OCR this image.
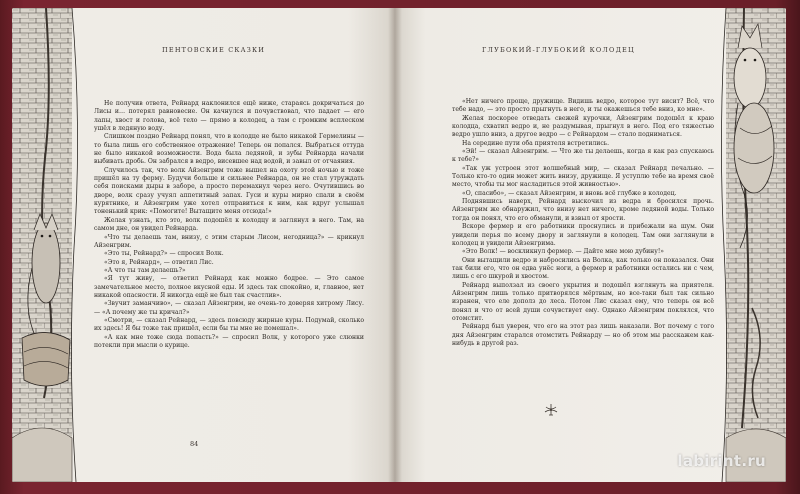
ПЕНТОВСКИЕ СКАЗКИ

Не получив ответа, Рейнард наклонился ещё ниже, стараясь докричаться до Лисы и… потерял равновесие. Он качнулся и почувствовал, что падает — его лапы, хвост и голова, всё тело — прямо в колодец, а там с громким всплеском ушёл в ледяную воду.

Слишком поздно Рейнард понял, что в колодце не было никакой Гермелины — то была лишь его собственное отражение! Теперь он попался. Выбраться оттуда не было никакой возможности. Вода была ледяной, и зубы Рейнарда начали выбивать дробь. Он забрался в ведро, висевшее над водой, и завыл от отчаяния.

Случилось так, что волк Айзенгрим тоже вышел на охоту этой ночью и тоже пришёл на ту ферму. Будучи больше и сильнее Рейнарда, он не стал утруждать себя поисками дыры в заборе, а просто перемахнул через него. Очутившись во дворе, волк сразу учуял аппетитный запах. Гуси и куры мирно спали в своём курятнике, и Айзенгрим уже хотел отправиться к ним, как вдруг услышал тоненький крик: «Помогите! Вытащите меня отсюда!»

Желая узнать, кто это, волк подошёл к колодцу и заглянул в него. Там, на самом дне, он увидел Рейнарда.

«Что ты делаешь там, внизу, с этим старым Лисом, негодница?» — крикнул Айзенгрим.

«Это ты, Рейнард?» — спросил Волк.

«Это я, Рейнард», — ответил Лис.

«А что ты там делаешь?»

«Я тут живу, — ответил Рейнард как можно бодрее. — Это самое замечательное место, полное вкусной еды. И здесь так спокойно, и, главное, нет никакой опасности. Я никогда ещё не был так счастлив».

«Звучит заманчиво», — сказал Айзенгрим, не очень-то доверяя хитрому Лису. — «А почему же ты кричал?»

«Смотри, — сказал Рейнард, — здесь повсюду жирные куры. Подумай, сколько их здесь! Я бы тоже так пришёл, если бы ты мне не помешал».

«А как мне тоже сюда попасть?» — спросил Волк, у которого уже слюнки потекли при мысли о курице.

84
ГЛУБОКИЙ-ГЛУБОКИЙ КОЛОДЕЦ

«Нет ничего проще, дружище. Видишь ведро, которое тут висит? Всё, что тебе надо, — это просто прыгнуть в него, и ты окажешься тебе вниз, ко мне».

Желая поскорее отведать свежей курочки, Айзенгрим подошёл к краю колодца, схватил ведро и, не раздумывая, прыгнул в него. Под его тяжестью ведро ушло вниз, а другое ведро — с Рейнардом — стало подниматься.

На середине пути оба приятеля встретились.

«Эй! — сказал Айзенгрим. — Что же ты делаешь, когда я как раз спускаюсь к тебе?»

«Так уж устроен этот волшебный мир, — сказал Рейнард печально. — Только кто-то один может жить внизу, дружище. Я уступлю тебе на время своё место, чтобы ты мог насладиться этой живностью».

«О, спасибо», — сказал Айзенгрим, и вновь всё глубже в колодец.

Поднявшись наверх, Рейнард выскочил из ведра и бросился прочь. Айзенгрим же обнаружил, что внизу нет ничего, кроме ледяной воды. Только тогда он понял, что его обманули, и взвыл от ярости.

Вскоре фермер и его работники проснулись и прибежали на шум. Они увидели перья по всему двору и заглянули в колодец. Там они заглянули в колодец и увидели Айзенгрима.

«Это Волк! — воскликнул фермер. — Дайте мне мою дубину!»

Они вытащили ведро и набросились на Волка, как только он показался. Они так били его, что он едва унёс ноги, а фермер и работники остались ни с чем, лишь с его шкурой и хвостом.

Рейнард выползал из своего укрытия и подошёл взглянуть на приятеля. Айзенгрим лишь только притворялся мёртвым, но все-таки был так сильно изранен, что еле дополз до леса. Потом Лис сказал ему, что теперь он всё понял и что от всей души сочувствует ему. Однако Айзенгрим поклялся, что отомстит.

Рейнард был уверен, что его на этот раз лишь наказали. Вот почему с того дня Айзенгрим старался отомстить Рейнарду — но об этом мы расскажем как-нибудь в другой раз.

labirint.ru
